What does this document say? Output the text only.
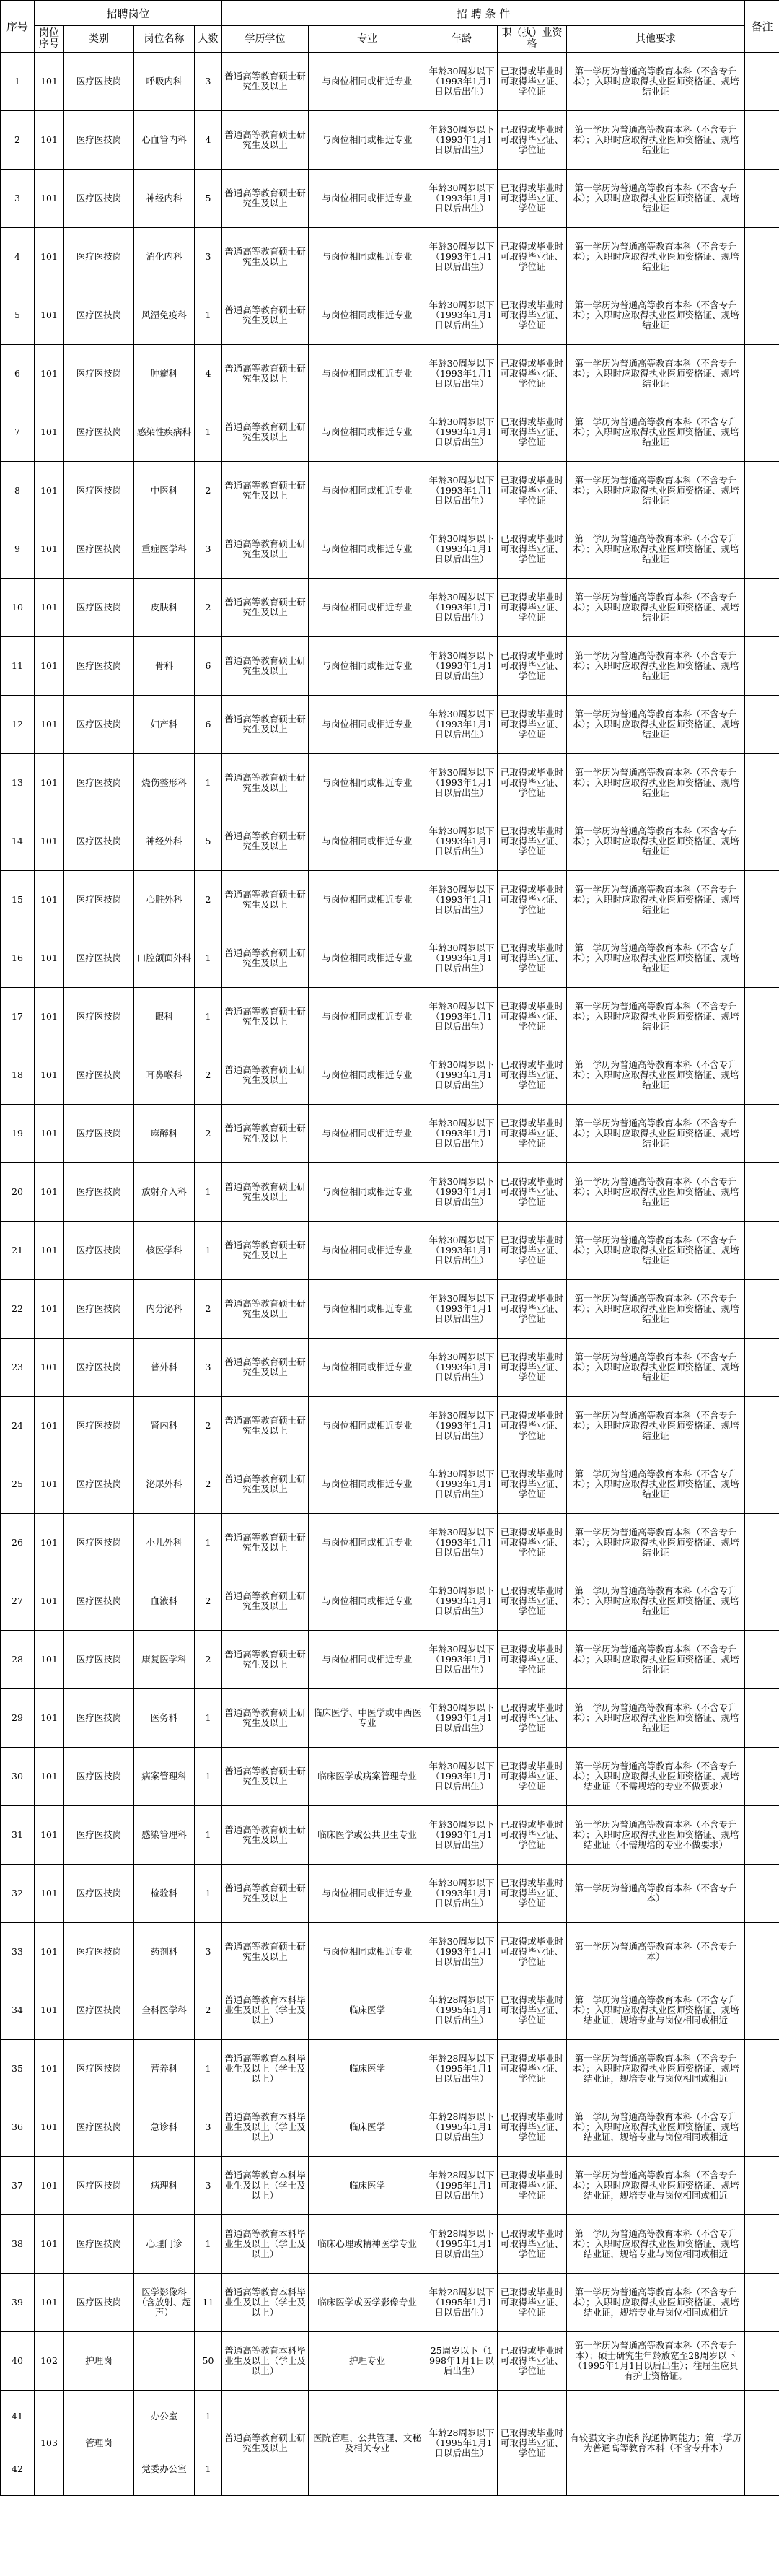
序号	招聘岗位				招 聘 条 件					备注
	岗位序号	类别	岗位名称	人数	学历学位	专业	年龄	职（执）业资格	其他要求	
1	101	医疗医技岗	呼吸内科	3	普通高等教育硕士研究生及以上	与岗位相同或相近专业	年龄30周岁以下（1993年1月1日以后出生）	已取得或毕业时可取得毕业证、学位证	第一学历为普通高等教育本科（不含专升本）；入职时应取得执业医师资格证、规培结业证	
2	101	医疗医技岗	心血管内科	4	普通高等教育硕士研究生及以上	与岗位相同或相近专业	年龄30周岁以下（1993年1月1日以后出生）	已取得或毕业时可取得毕业证、学位证	第一学历为普通高等教育本科（不含专升本）；入职时应取得执业医师资格证、规培结业证	
3	101	医疗医技岗	神经内科	5	普通高等教育硕士研究生及以上	与岗位相同或相近专业	年龄30周岁以下（1993年1月1日以后出生）	已取得或毕业时可取得毕业证、学位证	第一学历为普通高等教育本科（不含专升本）；入职时应取得执业医师资格证、规培结业证	
4	101	医疗医技岗	消化内科	3	普通高等教育硕士研究生及以上	与岗位相同或相近专业	年龄30周岁以下（1993年1月1日以后出生）	已取得或毕业时可取得毕业证、学位证	第一学历为普通高等教育本科（不含专升本）；入职时应取得执业医师资格证、规培结业证	
5	101	医疗医技岗	风湿免疫科	1	普通高等教育硕士研究生及以上	与岗位相同或相近专业	年龄30周岁以下（1993年1月1日以后出生）	已取得或毕业时可取得毕业证、学位证	第一学历为普通高等教育本科（不含专升本）；入职时应取得执业医师资格证、规培结业证	
6	101	医疗医技岗	肿瘤科	4	普通高等教育硕士研究生及以上	与岗位相同或相近专业	年龄30周岁以下（1993年1月1日以后出生）	已取得或毕业时可取得毕业证、学位证	第一学历为普通高等教育本科（不含专升本）；入职时应取得执业医师资格证、规培结业证	
7	101	医疗医技岗	感染性疾病科	1	普通高等教育硕士研究生及以上	与岗位相同或相近专业	年龄30周岁以下（1993年1月1日以后出生）	已取得或毕业时可取得毕业证、学位证	第一学历为普通高等教育本科（不含专升本）；入职时应取得执业医师资格证、规培结业证	
8	101	医疗医技岗	中医科	2	普通高等教育硕士研究生及以上	与岗位相同或相近专业	年龄30周岁以下（1993年1月1日以后出生）	已取得或毕业时可取得毕业证、学位证	第一学历为普通高等教育本科（不含专升本）；入职时应取得执业医师资格证、规培结业证	
9	101	医疗医技岗	重症医学科	3	普通高等教育硕士研究生及以上	与岗位相同或相近专业	年龄30周岁以下（1993年1月1日以后出生）	已取得或毕业时可取得毕业证、学位证	第一学历为普通高等教育本科（不含专升本）；入职时应取得执业医师资格证、规培结业证	
10	101	医疗医技岗	皮肤科	2	普通高等教育硕士研究生及以上	与岗位相同或相近专业	年龄30周岁以下（1993年1月1日以后出生）	已取得或毕业时可取得毕业证、学位证	第一学历为普通高等教育本科（不含专升本）；入职时应取得执业医师资格证、规培结业证	
11	101	医疗医技岗	骨科	6	普通高等教育硕士研究生及以上	与岗位相同或相近专业	年龄30周岁以下（1993年1月1日以后出生）	已取得或毕业时可取得毕业证、学位证	第一学历为普通高等教育本科（不含专升本）；入职时应取得执业医师资格证、规培结业证	
12	101	医疗医技岗	妇产科	6	普通高等教育硕士研究生及以上	与岗位相同或相近专业	年龄30周岁以下（1993年1月1日以后出生）	已取得或毕业时可取得毕业证、学位证	第一学历为普通高等教育本科（不含专升本）；入职时应取得执业医师资格证、规培结业证	
13	101	医疗医技岗	烧伤整形科	1	普通高等教育硕士研究生及以上	与岗位相同或相近专业	年龄30周岁以下（1993年1月1日以后出生）	已取得或毕业时可取得毕业证、学位证	第一学历为普通高等教育本科（不含专升本）；入职时应取得执业医师资格证、规培结业证	
14	101	医疗医技岗	神经外科	5	普通高等教育硕士研究生及以上	与岗位相同或相近专业	年龄30周岁以下（1993年1月1日以后出生）	已取得或毕业时可取得毕业证、学位证	第一学历为普通高等教育本科（不含专升本）；入职时应取得执业医师资格证、规培结业证	
15	101	医疗医技岗	心脏外科	2	普通高等教育硕士研究生及以上	与岗位相同或相近专业	年龄30周岁以下（1993年1月1日以后出生）	已取得或毕业时可取得毕业证、学位证	第一学历为普通高等教育本科（不含专升本）；入职时应取得执业医师资格证、规培结业证	
16	101	医疗医技岗	口腔颌面外科	1	普通高等教育硕士研究生及以上	与岗位相同或相近专业	年龄30周岁以下（1993年1月1日以后出生）	已取得或毕业时可取得毕业证、学位证	第一学历为普通高等教育本科（不含专升本）；入职时应取得执业医师资格证、规培结业证	
17	101	医疗医技岗	眼科	1	普通高等教育硕士研究生及以上	与岗位相同或相近专业	年龄30周岁以下（1993年1月1日以后出生）	已取得或毕业时可取得毕业证、学位证	第一学历为普通高等教育本科（不含专升本）；入职时应取得执业医师资格证、规培结业证	
18	101	医疗医技岗	耳鼻喉科	2	普通高等教育硕士研究生及以上	与岗位相同或相近专业	年龄30周岁以下（1993年1月1日以后出生）	已取得或毕业时可取得毕业证、学位证	第一学历为普通高等教育本科（不含专升本）；入职时应取得执业医师资格证、规培结业证	
19	101	医疗医技岗	麻醉科	2	普通高等教育硕士研究生及以上	与岗位相同或相近专业	年龄30周岁以下（1993年1月1日以后出生）	已取得或毕业时可取得毕业证、学位证	第一学历为普通高等教育本科（不含专升本）；入职时应取得执业医师资格证、规培结业证	
20	101	医疗医技岗	放射介入科	1	普通高等教育硕士研究生及以上	与岗位相同或相近专业	年龄30周岁以下（1993年1月1日以后出生）	已取得或毕业时可取得毕业证、学位证	第一学历为普通高等教育本科（不含专升本）；入职时应取得执业医师资格证、规培结业证	
21	101	医疗医技岗	核医学科	1	普通高等教育硕士研究生及以上	与岗位相同或相近专业	年龄30周岁以下（1993年1月1日以后出生）	已取得或毕业时可取得毕业证、学位证	第一学历为普通高等教育本科（不含专升本）；入职时应取得执业医师资格证、规培结业证	
22	101	医疗医技岗	内分泌科	2	普通高等教育硕士研究生及以上	与岗位相同或相近专业	年龄30周岁以下（1993年1月1日以后出生）	已取得或毕业时可取得毕业证、学位证	第一学历为普通高等教育本科（不含专升本）；入职时应取得执业医师资格证、规培结业证	
23	101	医疗医技岗	普外科	3	普通高等教育硕士研究生及以上	与岗位相同或相近专业	年龄30周岁以下（1993年1月1日以后出生）	已取得或毕业时可取得毕业证、学位证	第一学历为普通高等教育本科（不含专升本）；入职时应取得执业医师资格证、规培结业证	
24	101	医疗医技岗	肾内科	2	普通高等教育硕士研究生及以上	与岗位相同或相近专业	年龄30周岁以下（1993年1月1日以后出生）	已取得或毕业时可取得毕业证、学位证	第一学历为普通高等教育本科（不含专升本）；入职时应取得执业医师资格证、规培结业证	
25	101	医疗医技岗	泌尿外科	2	普通高等教育硕士研究生及以上	与岗位相同或相近专业	年龄30周岁以下（1993年1月1日以后出生）	已取得或毕业时可取得毕业证、学位证	第一学历为普通高等教育本科（不含专升本）；入职时应取得执业医师资格证、规培结业证	
26	101	医疗医技岗	小儿外科	1	普通高等教育硕士研究生及以上	与岗位相同或相近专业	年龄30周岁以下（1993年1月1日以后出生）	已取得或毕业时可取得毕业证、学位证	第一学历为普通高等教育本科（不含专升本）；入职时应取得执业医师资格证、规培结业证	
27	101	医疗医技岗	血液科	2	普通高等教育硕士研究生及以上	与岗位相同或相近专业	年龄30周岁以下（1993年1月1日以后出生）	已取得或毕业时可取得毕业证、学位证	第一学历为普通高等教育本科（不含专升本）；入职时应取得执业医师资格证、规培结业证	
28	101	医疗医技岗	康复医学科	2	普通高等教育硕士研究生及以上	与岗位相同或相近专业	年龄30周岁以下（1993年1月1日以后出生）	已取得或毕业时可取得毕业证、学位证	第一学历为普通高等教育本科（不含专升本）；入职时应取得执业医师资格证、规培结业证	
29	101	医疗医技岗	医务科	1	普通高等教育硕士研究生及以上	临床医学、中医学或中西医专业	年龄30周岁以下（1993年1月1日以后出生）	已取得或毕业时可取得毕业证、学位证	第一学历为普通高等教育本科（不含专升本）；入职时应取得执业医师资格证、规培结业证	
30	101	医疗医技岗	病案管理科	1	普通高等教育硕士研究生及以上	临床医学或病案管理专业	年龄30周岁以下（1993年1月1日以后出生）	已取得或毕业时可取得毕业证、学位证	第一学历为普通高等教育本科（不含专升本）；入职时应取得执业医师资格证、规培结业证（不需规培的专业不做要求）	
31	101	医疗医技岗	感染管理科	1	普通高等教育硕士研究生及以上	临床医学或公共卫生专业	年龄30周岁以下（1993年1月1日以后出生）	已取得或毕业时可取得毕业证、学位证	第一学历为普通高等教育本科（不含专升本）；入职时应取得执业医师资格证、规培结业证（不需规培的专业不做要求）	
32	101	医疗医技岗	检验科	1	普通高等教育硕士研究生及以上	与岗位相同或相近专业	年龄30周岁以下（1993年1月1日以后出生）	已取得或毕业时可取得毕业证、学位证	第一学历为普通高等教育本科（不含专升本）	
33	101	医疗医技岗	药剂科	3	普通高等教育硕士研究生及以上	与岗位相同或相近专业	年龄30周岁以下（1993年1月1日以后出生）	已取得或毕业时可取得毕业证、学位证	第一学历为普通高等教育本科（不含专升本）	
34	101	医疗医技岗	全科医学科	2	普通高等教育本科毕业生及以上（学士及以上）	临床医学	年龄28周岁以下（1995年1月1日以后出生）	已取得或毕业时可取得毕业证、学位证	第一学历为普通高等教育本科（不含专升本）；入职时应取得执业医师资格证、规培结业证，规培专业与岗位相同或相近	
35	101	医疗医技岗	营养科	1	普通高等教育本科毕业生及以上（学士及以上）	临床医学	年龄28周岁以下（1995年1月1日以后出生）	已取得或毕业时可取得毕业证、学位证	第一学历为普通高等教育本科（不含专升本）；入职时应取得执业医师资格证、规培结业证，规培专业与岗位相同或相近	
36	101	医疗医技岗	急诊科	3	普通高等教育本科毕业生及以上（学士及以上）	临床医学	年龄28周岁以下（1995年1月1日以后出生）	已取得或毕业时可取得毕业证、学位证	第一学历为普通高等教育本科（不含专升本）；入职时应取得执业医师资格证、规培结业证，规培专业与岗位相同或相近	
37	101	医疗医技岗	病理科	3	普通高等教育本科毕业生及以上（学士及以上）	临床医学	年龄28周岁以下（1995年1月1日以后出生）	已取得或毕业时可取得毕业证、学位证	第一学历为普通高等教育本科（不含专升本）；入职时应取得执业医师资格证、规培结业证，规培专业与岗位相同或相近	
38	101	医疗医技岗	心理门诊	1	普通高等教育本科毕业生及以上（学士及以上）	临床心理或精神医学专业	年龄28周岁以下（1995年1月1日以后出生）	已取得或毕业时可取得毕业证、学位证	第一学历为普通高等教育本科（不含专升本）；入职时应取得执业医师资格证、规培结业证，规培专业与岗位相同或相近	
39	101	医疗医技岗	医学影像科（含放射、超声）	11	普通高等教育本科毕业生及以上（学士及以上）	临床医学或医学影像专业	年龄28周岁以下（1995年1月1日以后出生）	已取得或毕业时可取得毕业证、学位证	第一学历为普通高等教育本科（不含专升本）；入职时应取得执业医师资格证、规培结业证，规培专业与岗位相同或相近	
40	102	护理岗		50	普通高等教育本科毕业生及以上（学士及以上）	护理专业	25周岁以下（1998年1月1日以后出生）	已取得或毕业时可取得毕业证、学位证	第一学历为普通高等教育本科（不含专升本）；硕士研究生年龄放宽至28周岁以下（1995年1月1日以后出生）；往届生应具有护士资格证。	
41	103	管理岗	办公室	1	普通高等教育硕士研究生及以上	医院管理、公共管理、文秘及相关专业	年龄28周岁以下（1995年1月1日以后出生）	已取得或毕业时可取得毕业证、学位证	有较强文字功底和沟通协调能力；第一学历为普通高等教育本科（不含专升本）	
42			党委办公室	1						
